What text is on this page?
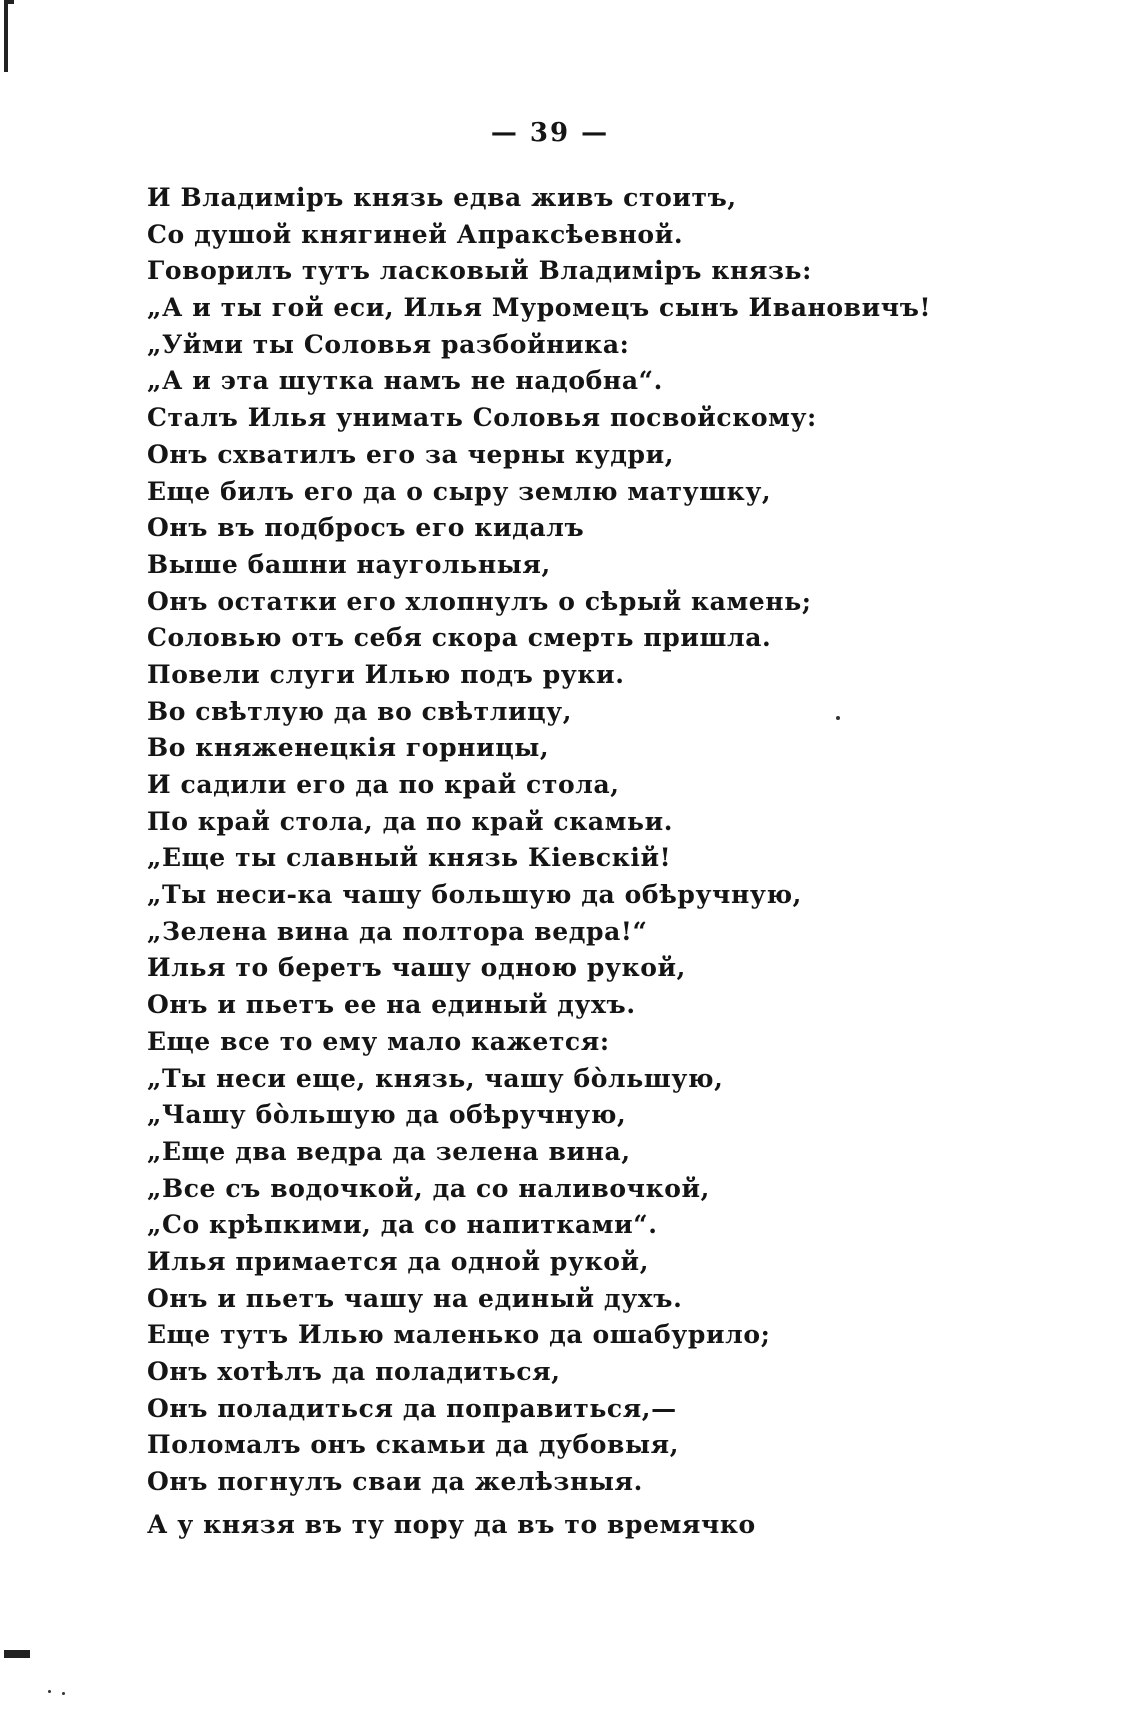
— 39 —
И Владиміръ князь едва живъ стоитъ,
Со душой княгиней Апраксѣевной.
Говорилъ тутъ ласковый Владиміръ князь:
„А и ты гой еси, Илья Муромецъ сынъ Ивановичъ!
„Уйми ты Соловья разбойника:
„А и эта шутка намъ не надобна“.
Сталъ Илья унимать Соловья посвойскому:
Онъ схватилъ его за черны кудри,
Еще билъ его да о сыру землю матушку,
Онъ въ подбросъ его кидалъ
Выше башни наугольныя,
Онъ остатки его хлопнулъ о сѣрый камень;
Соловью отъ себя скора смерть пришла.
Повели слуги Илью подъ руки.
Во свѣтлую да во свѣтлицу,
Во княженецкія горницы,
И садили его да по край стола,
По край стола, да по край скамьи.
„Еще ты славный князь Кіевскій!
„Ты неси-ка чашу большую да обѣручную,
„Зелена вина да полтора ведра!“
Илья то беретъ чашу одною рукой,
Онъ и пьетъ ее на единый духъ.
Еще все то ему мало кажется:
„Ты неси еще, князь, чашу бо̀льшую,
„Чашу бо̀льшую да обѣручную,
„Еще два ведра да зелена вина,
„Все съ водочкой, да со наливочкой,
„Со крѣпкими, да со напитками“.
Илья примается да одной рукой,
Онъ и пьетъ чашу на единый духъ.
Еще тутъ Илью маленько да ошабурило;
Онъ хотѣлъ да поладиться,
Онъ поладиться да поправиться,—
Поломалъ онъ скамьи да дубовыя,
Онъ погнулъ сваи да желѣзныя.
А у князя въ ту пору да въ то времячко
